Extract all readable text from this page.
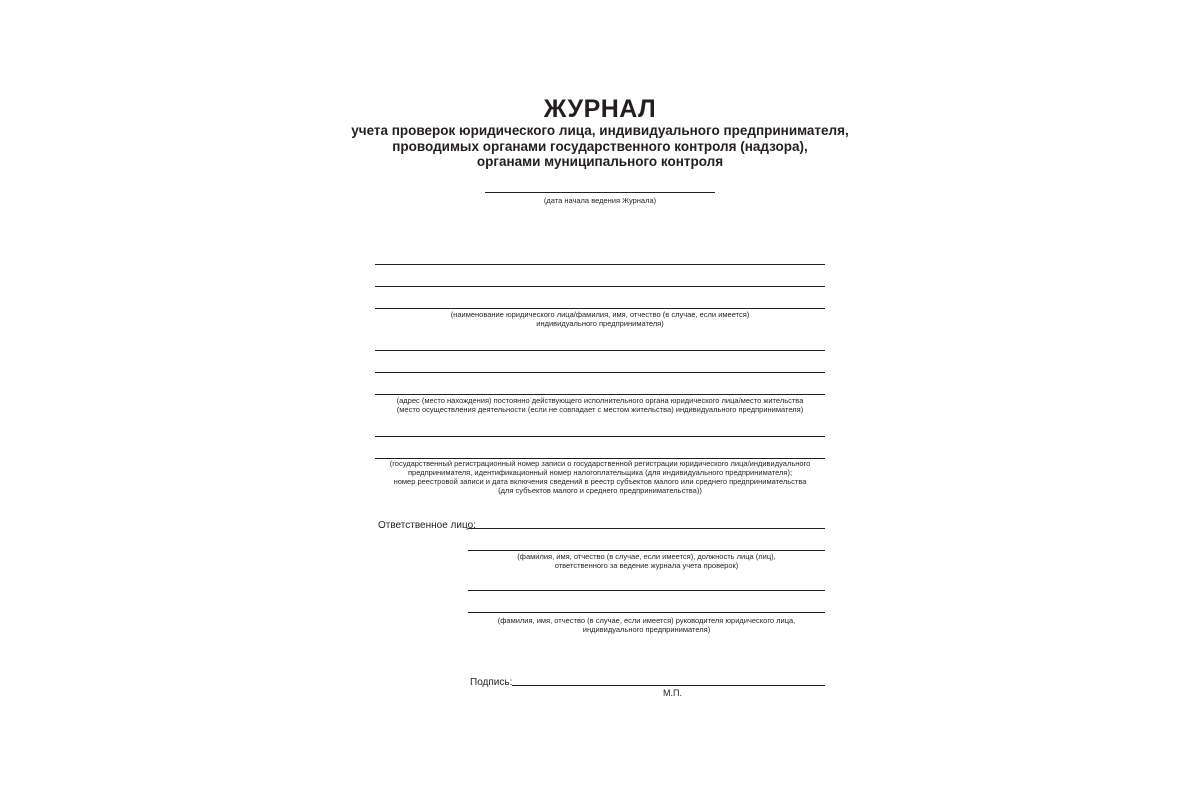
ЖУРНАЛ
учета проверок юридического лица, индивидуального предпринимателя,
проводимых органами государственного контроля (надзора),
органами муниципального контроля
(дата начала ведения Журнала)
(наименование юридического лица/фамилия, имя, отчество (в случае, если имеется)
индивидуального предпринимателя)
(адрес (место нахождения) постоянно действующего исполнительного органа юридического лица/место жительства
(место осуществления деятельности (если не совпадает с местом жительства) индивидуального предпринимателя)
(государственный регистрационный номер записи о государственной регистрации юридического лица/индивидуального
предпринимателя, идентификационный номер налогоплательщика (для индивидуального предпринимателя);
номер реестровой записи и дата включения сведений в реестр субъектов малого или среднего предпринимательства
(для субъектов малого и среднего предпринимательства))
Ответственное лицо:
(фамилия, имя, отчество (в случае, если имеется), должность лица (лиц),
ответственного за ведение журнала учета проверок)
(фамилия, имя, отчество (в случае, если имеется) руководителя юридического лица,
индивидуального предпринимателя)
Подпись:
М.П.
